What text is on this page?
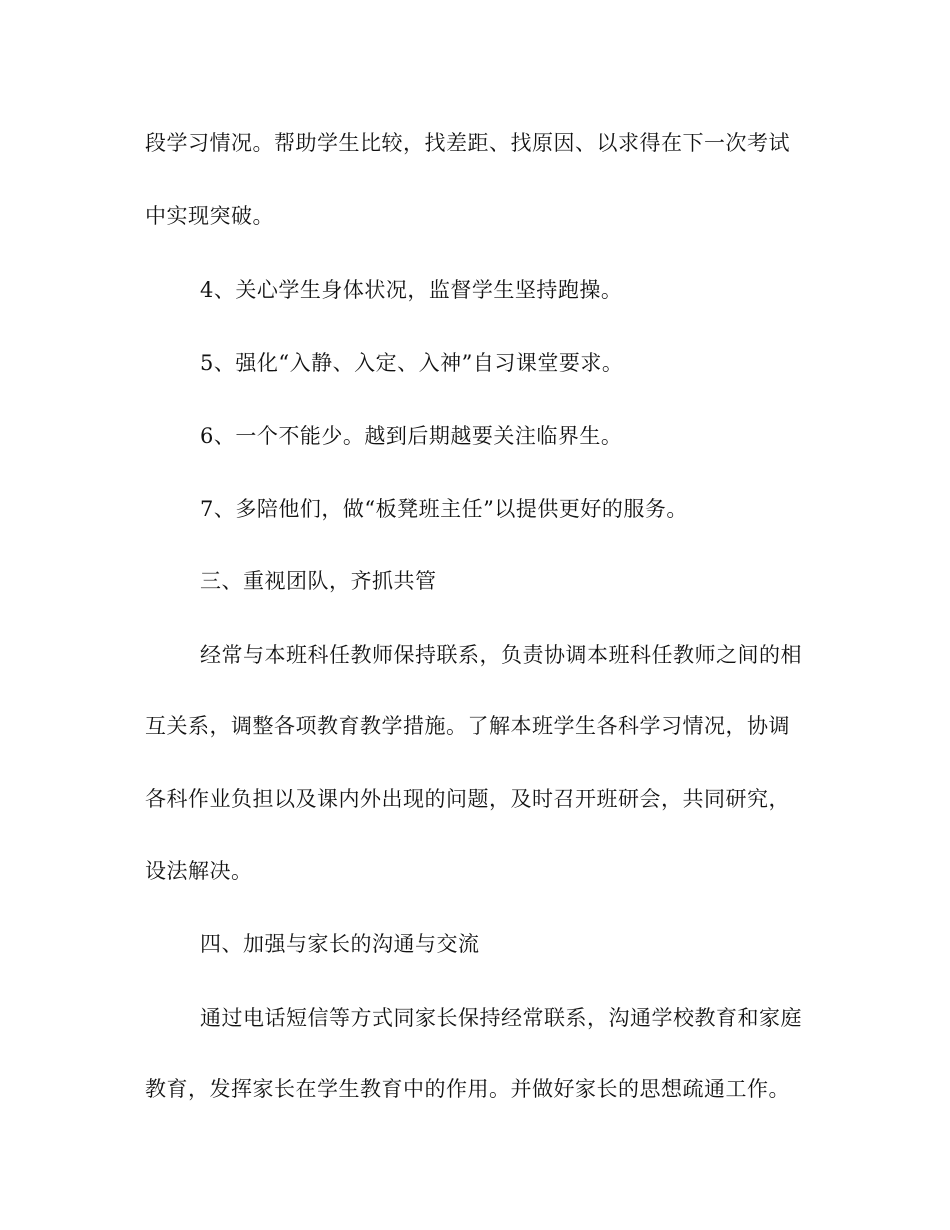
段学习情况。帮助学生比较，找差距、找原因、以求得在下一次考试
中实现突破。
4、关心学生身体状况，监督学生坚持跑操。
5、强化“入静、入定、入神”自习课堂要求。
6、一个不能少。越到后期越要关注临界生。
7、多陪他们，做“板凳班主任”以提供更好的服务。
三、重视团队，齐抓共管
经常与本班科任教师保持联系，负责协调本班科任教师之间的相
互关系，调整各项教育教学措施。了解本班学生各科学习情况，协调
各科作业负担以及课内外出现的问题，及时召开班研会，共同研究，
设法解决。
四、加强与家长的沟通与交流
通过电话短信等方式同家长保持经常联系，沟通学校教育和家庭
教育，发挥家长在学生教育中的作用。并做好家长的思想疏通工作。
